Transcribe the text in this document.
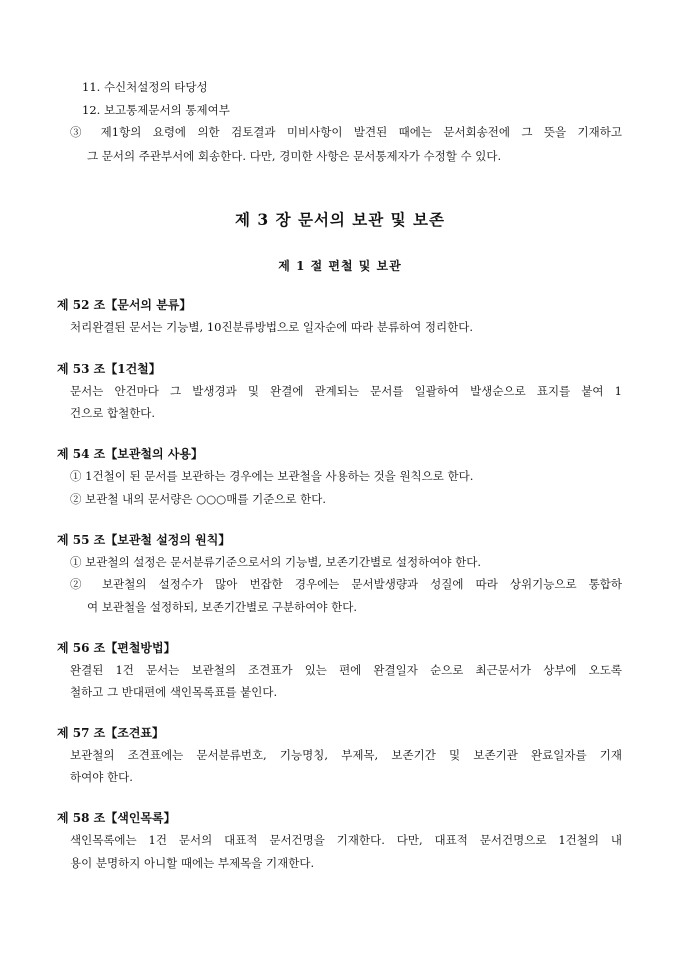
11. 수신처설정의 타당성
12. 보고통제문서의 통제여부
③ 제1항의 요령에 의한 검토결과 미비사항이 발견된 때에는 문서회송전에 그 뜻을 기재하고
그 문서의 주관부서에 회송한다. 다만, 경미한 사항은 문서통제자가 수정할 수 있다.
제 3 장 문서의 보관 및 보존
제 1 절 편철 및 보관
제 52 조【문서의 분류】
처리완결된 문서는 기능별, 10진분류방법으로 일자순에 따라 분류하여 정리한다.
제 53 조【1건철】
문서는 안건마다 그 발생경과 및 완결에 관계되는 문서를 일괄하여 발생순으로 표지를 붙여 1
건으로 합철한다.
제 54 조【보관철의 사용】
① 1건철이 된 문서를 보관하는 경우에는 보관철을 사용하는 것을 원칙으로 한다.
② 보관철 내의 문서량은 ○○○매를 기준으로 한다.
제 55 조【보관철 설정의 원칙】
① 보관철의 설정은 문서분류기준으로서의 기능별, 보존기간별로 설정하여야 한다.
② 보관철의 설정수가 많아 번잡한 경우에는 문서발생량과 성질에 따라 상위기능으로 통합하
여 보관철을 설정하되, 보존기간별로 구분하여야 한다.
제 56 조【편철방법】
완결된 1건 문서는 보관철의 조견표가 있는 편에 완결일자 순으로 최근문서가 상부에 오도록
철하고 그 반대편에 색인목록표를 붙인다.
제 57 조【조견표】
보관철의 조견표에는 문서분류번호, 기능명칭, 부제목, 보존기간 및 보존기관 완료일자를 기재
하여야 한다.
제 58 조【색인목록】
색인목록에는 1건 문서의 대표적 문서건명을 기재한다. 다만, 대표적 문서건명으로 1건철의 내
용이 분명하지 아니할 때에는 부제목을 기재한다.
